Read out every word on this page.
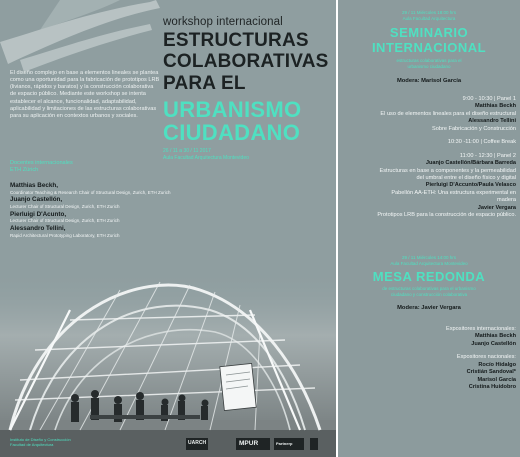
workshop internacional
ESTRUCTURAS
COLABORATIVAS
PARA EL
URBANISMO
CIUDADANO
26 / 11 a 30 / 11 2017
Aula Facultad Arquitectura Montevideo
El diseño complejo en base a elementos lineales se plantea como una oportunidad para la fabricación de prototipos LRB (livianos, rápidos y baratos) y la construcción colaborativa de espacio público. Mediante este workshop se intenta establecer el alcance, funcionalidad, adaptabilidad, aplicabilidad y limitaciones de las estructuras colaborativas para su aplicación en contextos urbanos y sociales.
Docentes internacionales
ETH Zürich
Matthias Beckh,
Coordinator Teaching & Research Chair of Structural Design, Zurich, ETH Zurich
Juanjo Castellón,
Lecturer Chair of Structural Design, Zurich, ETH Zurich
Pierluigi D'Acunto,
Lecturer Chair of Structural Design, Zurich, ETH Zurich
Alessandro Tellini,
Rapid Architectural Prototyping Laboratory, ETH Zurich
Instituto de Diseño y Construcción
Facultad de Arquitectura	UARCH	MPUR	Partnerp
29 / 11 Miércoles 18:00 hrs
Aula Facultad Arquitectura
SEMINARIO
INTERNACIONAL
estructuras colaborativas para el
urbanismo ciudadano
Modera: Marisol García
9:00 - 10:30 | Panel 1
Matthias Beckh
El uso de elementos lineales para el diseño estructural
Alessandro Tellini
Sobre Fabricación y Construcción
10:30 -11:00 | Coffee Break
11:00 - 12:30 | Panel 2
Juanjo Castellón/Bárbara Barreda
Estructuras en base a componentes y la permeabilidad
del umbral entre el diseño físico y digital
Pierluigi D'Accunto/Paula Velasco
Pabellón AA-ETH: Una estructura experimental en
madera
Javier Vergara
Prototipos LRB para la construcción de espacio público.
29 / 11 Miércoles 14:00 hrs
Aula Facultad Arquitectura Montevideo
MESA REDONDA
de estructuras colaborativas para el urbanismo
ciudadano y construcción colaborativa
Modera: Javier Vergara
Expositores internacionales:
Matthias Beckh
Juanjo Castellón
Expositores nacionales:
Rocío Hidalgo
Cristián Sandoval*
Marisol García
Cristina Huidobro
